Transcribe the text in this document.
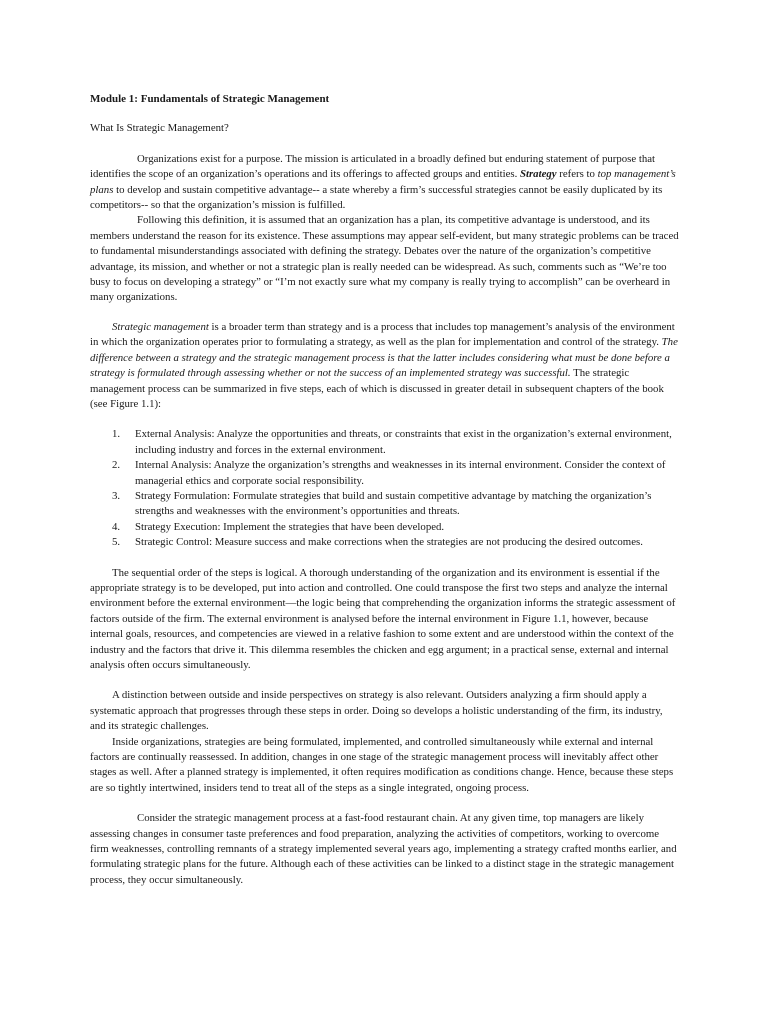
Module 1: Fundamentals of Strategic Management

What Is Strategic Management?

Organizations exist for a purpose. The mission is articulated in a broadly defined but enduring statement of purpose that identifies the scope of an organization’s operations and its offerings to affected groups and entities. Strategy refers to top management’s plans to develop and sustain competitive advantage-- a state whereby a firm’s successful strategies cannot be easily duplicated by its competitors-- so that the organization’s mission is fulfilled.

Following this definition, it is assumed that an organization has a plan, its competitive advantage is understood, and its members understand the reason for its existence. These assumptions may appear self-evident, but many strategic problems can be traced to fundamental misunderstandings associated with defining the strategy. Debates over the nature of the organization’s competitive advantage, its mission, and whether or not a strategic plan is really needed can be widespread. As such, comments such as “We’re too busy to focus on developing a strategy” or “I’m not exactly sure what my company is really trying to accomplish” can be overheard in many organizations.

Strategic management is a broader term than strategy and is a process that includes top management’s analysis of the environment in which the organization operates prior to formulating a strategy, as well as the plan for implementation and control of the strategy. The difference between a strategy and the strategic management process is that the latter includes considering what must be done before a strategy is formulated through assessing whether or not the success of an implemented strategy was successful. The strategic management process can be summarized in five steps, each of which is discussed in greater detail in subsequent chapters of the book (see Figure 1.1):

1. External Analysis: Analyze the opportunities and threats, or constraints that exist in the organization’s external environment, including industry and forces in the external environment.
2. Internal Analysis: Analyze the organization’s strengths and weaknesses in its internal environment. Consider the context of managerial ethics and corporate social responsibility.
3. Strategy Formulation: Formulate strategies that build and sustain competitive advantage by matching the organization’s strengths and weaknesses with the environment’s opportunities and threats.
4. Strategy Execution: Implement the strategies that have been developed.
5. Strategic Control: Measure success and make corrections when the strategies are not producing the desired outcomes.

The sequential order of the steps is logical. A thorough understanding of the organization and its environment is essential if the appropriate strategy is to be developed, put into action and controlled. One could transpose the first two steps and analyze the internal environment before the external environment—the logic being that comprehending the organization informs the strategic assessment of factors outside of the firm. The external environment is analysed before the internal environment in Figure 1.1, however, because internal goals, resources, and competencies are viewed in a relative fashion to some extent and are understood within the context of the industry and the factors that drive it. This dilemma resembles the chicken and egg argument; in a practical sense, external and internal analysis often occurs simultaneously.

A distinction between outside and inside perspectives on strategy is also relevant. Outsiders analyzing a firm should apply a systematic approach that progresses through these steps in order. Doing so develops a holistic understanding of the firm, its industry, and its strategic challenges.

Inside organizations, strategies are being formulated, implemented, and controlled simultaneously while external and internal factors are continually reassessed. In addition, changes in one stage of the strategic management process will inevitably affect other stages as well. After a planned strategy is implemented, it often requires modification as conditions change. Hence, because these steps are so tightly intertwined, insiders tend to treat all of the steps as a single integrated, ongoing process.

Consider the strategic management process at a fast-food restaurant chain. At any given time, top managers are likely assessing changes in consumer taste preferences and food preparation, analyzing the activities of competitors, working to overcome firm weaknesses, controlling remnants of a strategy implemented several years ago, implementing a strategy crafted months earlier, and formulating strategic plans for the future. Although each of these activities can be linked to a distinct stage in the strategic management process, they occur simultaneously.
